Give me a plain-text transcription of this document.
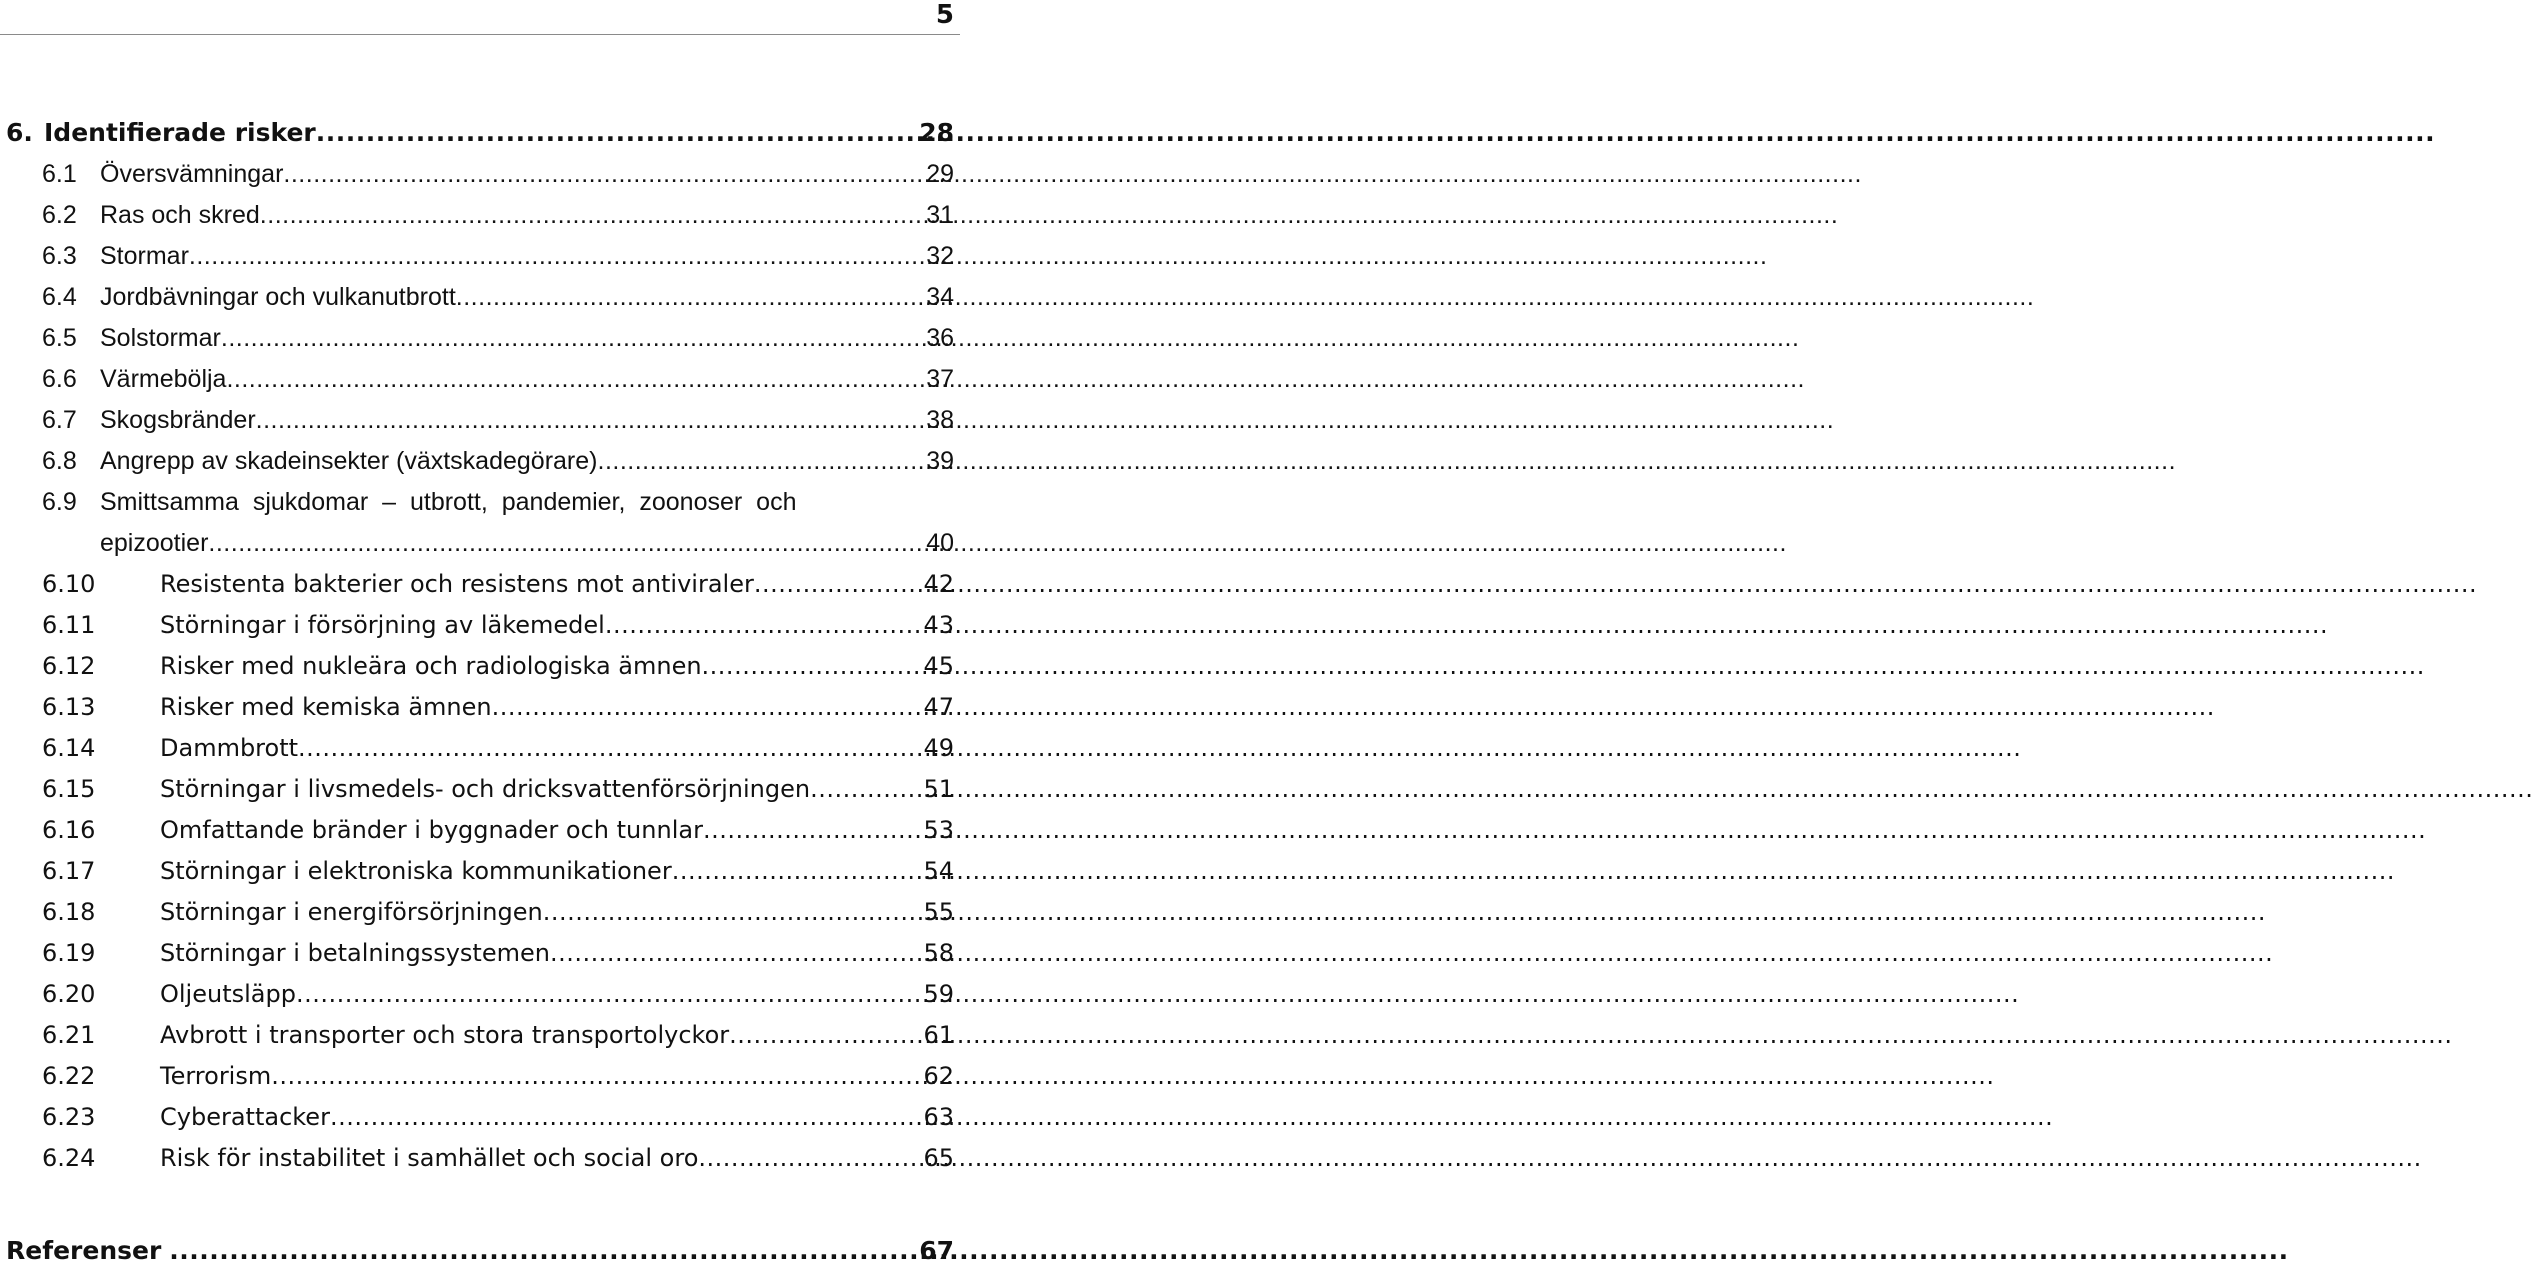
5
6. Identifierade risker .....	28
6.1 Översvämningar .....	29
6.2 Ras och skred .....	31
6.3 Stormar .....	32
6.4 Jordbävningar och vulkanutbrott .....	34
6.5 Solstormar .....	36
6.6 Värmebölja .....	37
6.7 Skogsbränder .....	38
6.8 Angrepp av skadeinsekter (växtskadegörare) .....	39
6.9 Smittsamma sjukdomar – utbrott, pandemier, zoonoser och
epizootier .....	40
6.10	Resistenta bakterier och resistens mot antiviraler .....	42
6.11	Störningar i försörjning av läkemedel .....	43
6.12	Risker med nukleära och radiologiska ämnen .....	45
6.13	Risker med kemiska ämnen .....	47
6.14	Dammbrott .....	49
6.15	Störningar i livsmedels- och dricksvattenförsörjningen .....	51
6.16	Omfattande bränder i byggnader och tunnlar .....	53
6.17	Störningar i elektroniska kommunikationer .....	54
6.18	Störningar i energiförsörjningen .....	55
6.19	Störningar i betalningssystemen .....	58
6.20	Oljeutsläpp .....	59
6.21	Avbrott i transporter och stora transportolyckor .....	61
6.22	Terrorism .....	62
6.23	Cyberattacker .....	63
6.24	Risk för instabilitet i samhället och social oro .....	65
Referenser .....	67
